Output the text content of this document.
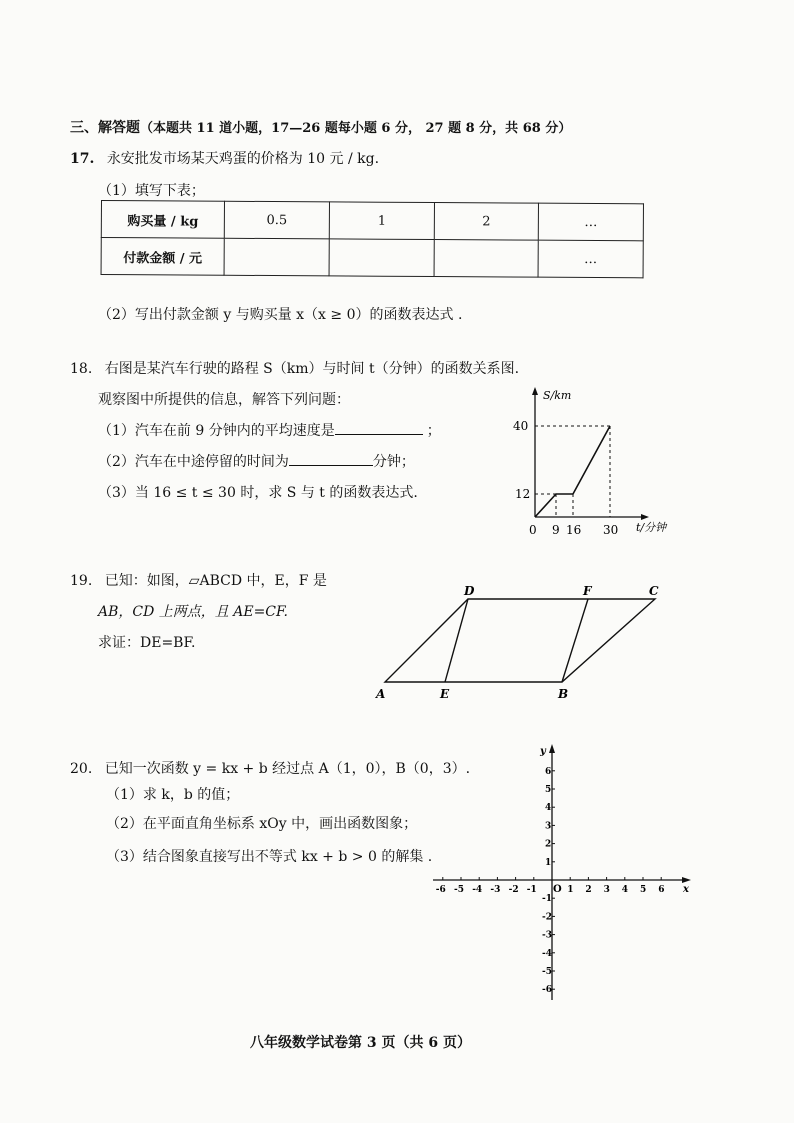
三、解答题（本题共 11 道小题，17—26 题每小题 6 分， 27 题 8 分，共 68 分）
17. 永安批发市场某天鸡蛋的价格为 10 元 / kg.
（1）填写下表；
购买量 / kg	0.5	1	2	…
付款金额 / 元				…
（2）写出付款金额 y 与购买量 x（x ≥ 0）的函数表达式 .
18. 右图是某汽车行驶的路程 S（km）与时间 t（分钟）的函数关系图.
观察图中所提供的信息，解答下列问题：
（1）汽车在前 9 分钟内的平均速度是	；
（2）汽车在中途停留的时间为	分钟；
（3）当 16 ≤ t ≤ 30 时，求 S 与 t 的函数表达式.
S/km
40
12
0 9 16 30 t/分钟
19. 已知：如图，▱ABCD 中，E，F 是
AB，CD 上两点，且 AE=CF.
求证：DE=BF.
A	B
C
D
E
F
20. 已知一次函数 y = kx + b 经过点 A（1，0），B（0，3）.
（1）求 k，b 的值；
（2）在平面直角坐标系 xOy 中，画出函数图象；
（3）结合图象直接写出不等式 kx + b > 0 的解集 .
x
y
O
-6 -5 -4 -3 -2 -1	1 2 3 4 5 6
6
5
4
3
2
1
-1
-2
-3
-4
-5
-6
八年级数学试卷第 3 页（共 6 页）
